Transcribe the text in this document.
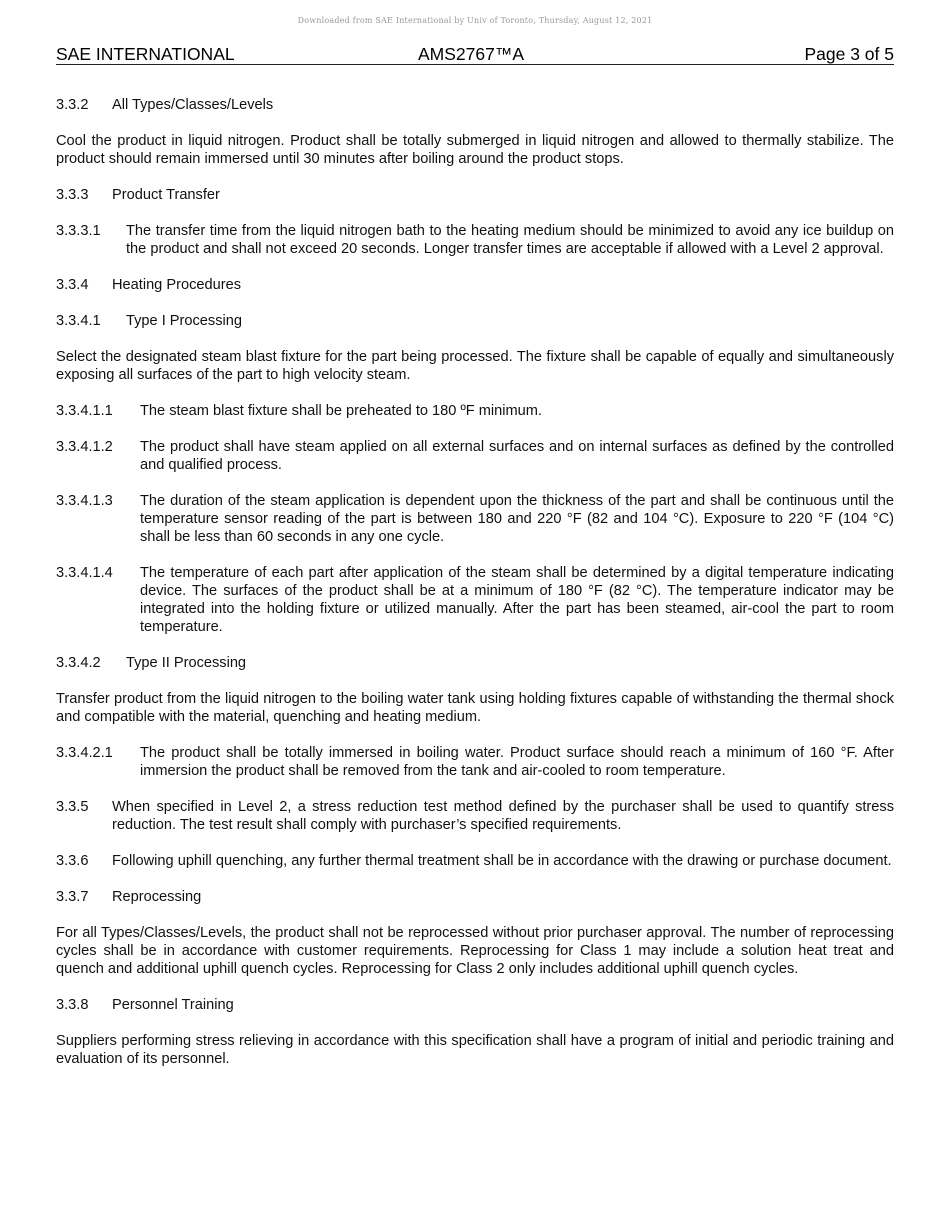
Downloaded from SAE International by Univ of Toronto, Thursday, August 12, 2021
SAE INTERNATIONAL	AMS2767™A	Page 3 of 5
3.3.2	All Types/Classes/Levels

Cool the product in liquid nitrogen. Product shall be totally submerged in liquid nitrogen and allowed to thermally stabilize. The product should remain immersed until 30 minutes after boiling around the product stops.

3.3.3	Product Transfer
3.3.3.1	The transfer time from the liquid nitrogen bath to the heating medium should be minimized to avoid any ice buildup on the product and shall not exceed 20 seconds. Longer transfer times are acceptable if allowed with a Level 2 approval.
3.3.4	Heating Procedures
3.3.4.1	Type I Processing

Select the designated steam blast fixture for the part being processed. The fixture shall be capable of equally and simultaneously exposing all surfaces of the part to high velocity steam.

3.3.4.1.1	The steam blast fixture shall be preheated to 180 ºF minimum.
3.3.4.1.2	The product shall have steam applied on all external surfaces and on internal surfaces as defined by the controlled and qualified process.
3.3.4.1.3	The duration of the steam application is dependent upon the thickness of the part and shall be continuous until the temperature sensor reading of the part is between 180 and 220 °F (82 and 104 °C). Exposure to 220 °F (104 °C) shall be less than 60 seconds in any one cycle.
3.3.4.1.4	The temperature of each part after application of the steam shall be determined by a digital temperature indicating device. The surfaces of the product shall be at a minimum of 180 °F (82 °C). The temperature indicator may be integrated into the holding fixture or utilized manually. After the part has been steamed, air-cool the part to room temperature.
3.3.4.2	Type II Processing

Transfer product from the liquid nitrogen to the boiling water tank using holding fixtures capable of withstanding the thermal shock and compatible with the material, quenching and heating medium.

3.3.4.2.1	The product shall be totally immersed in boiling water. Product surface should reach a minimum of 160 °F. After immersion the product shall be removed from the tank and air-cooled to room temperature.
3.3.5	When specified in Level 2, a stress reduction test method defined by the purchaser shall be used to quantify stress reduction. The test result shall comply with purchaser’s specified requirements.
3.3.6	Following uphill quenching, any further thermal treatment shall be in accordance with the drawing or purchase document.
3.3.7	Reprocessing

For all Types/Classes/Levels, the product shall not be reprocessed without prior purchaser approval. The number of reprocessing cycles shall be in accordance with customer requirements. Reprocessing for Class 1 may include a solution heat treat and quench and additional uphill quench cycles. Reprocessing for Class 2 only includes additional uphill quench cycles.

3.3.8	Personnel Training

Suppliers performing stress relieving in accordance with this specification shall have a program of initial and periodic training and evaluation of its personnel.
